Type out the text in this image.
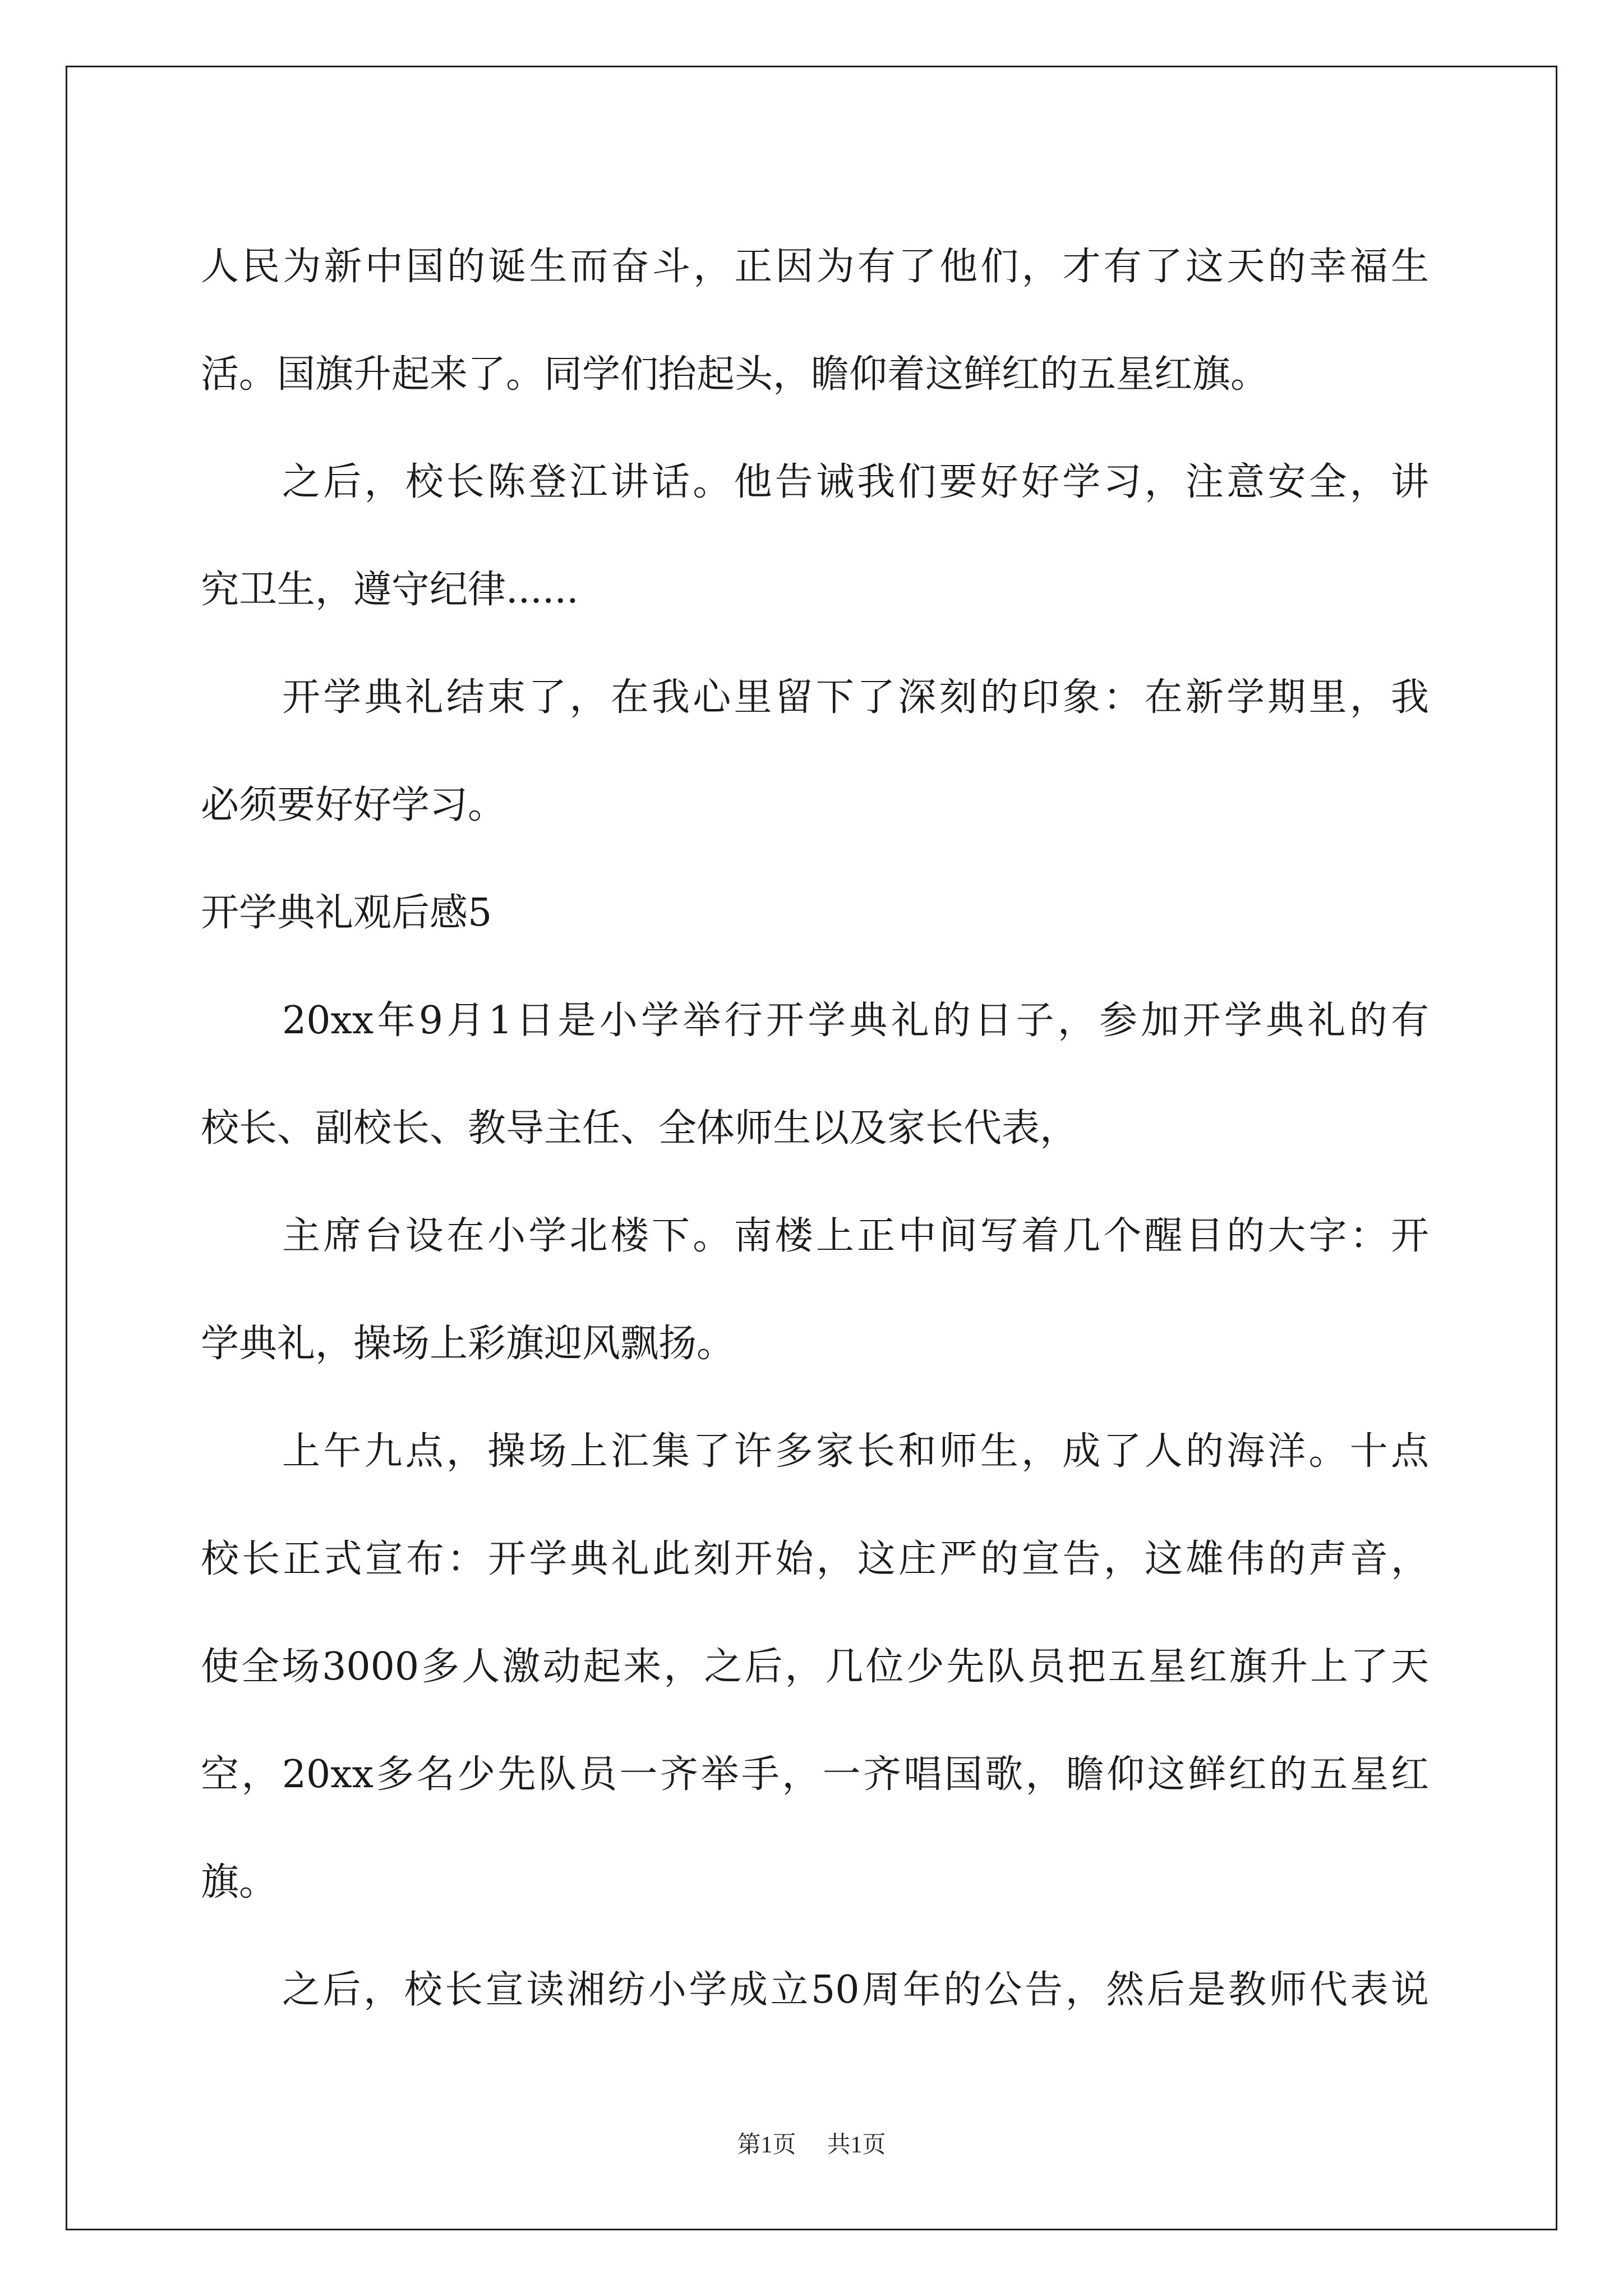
人民为新中国的诞生而奋斗，正因为有了他们，才有了这天的幸福生
活。国旗升起来了。同学们抬起头，瞻仰着这鲜红的五星红旗。
之后，校长陈登江讲话。他告诫我们要好好学习，注意安全，讲
究卫生，遵守纪律......
开学典礼结束了，在我心里留下了深刻的印象：在新学期里，我
必须要好好学习。
开学典礼观后感5
20xx年9月1日是小学举行开学典礼的日子，参加开学典礼的有
校长、副校长、教导主任、全体师生以及家长代表，
主席台设在小学北楼下。南楼上正中间写着几个醒目的大字：开
学典礼，操场上彩旗迎风飘扬。
上午九点，操场上汇集了许多家长和师生，成了人的海洋。十点
校长正式宣布：开学典礼此刻开始，这庄严的宣告，这雄伟的声音，
使全场3000多人激动起来，之后，几位少先队员把五星红旗升上了天
空，20xx多名少先队员一齐举手，一齐唱国歌，瞻仰这鲜红的五星红
旗。
之后，校长宣读湘纺小学成立50周年的公告，然后是教师代表说
第1页 共1页
